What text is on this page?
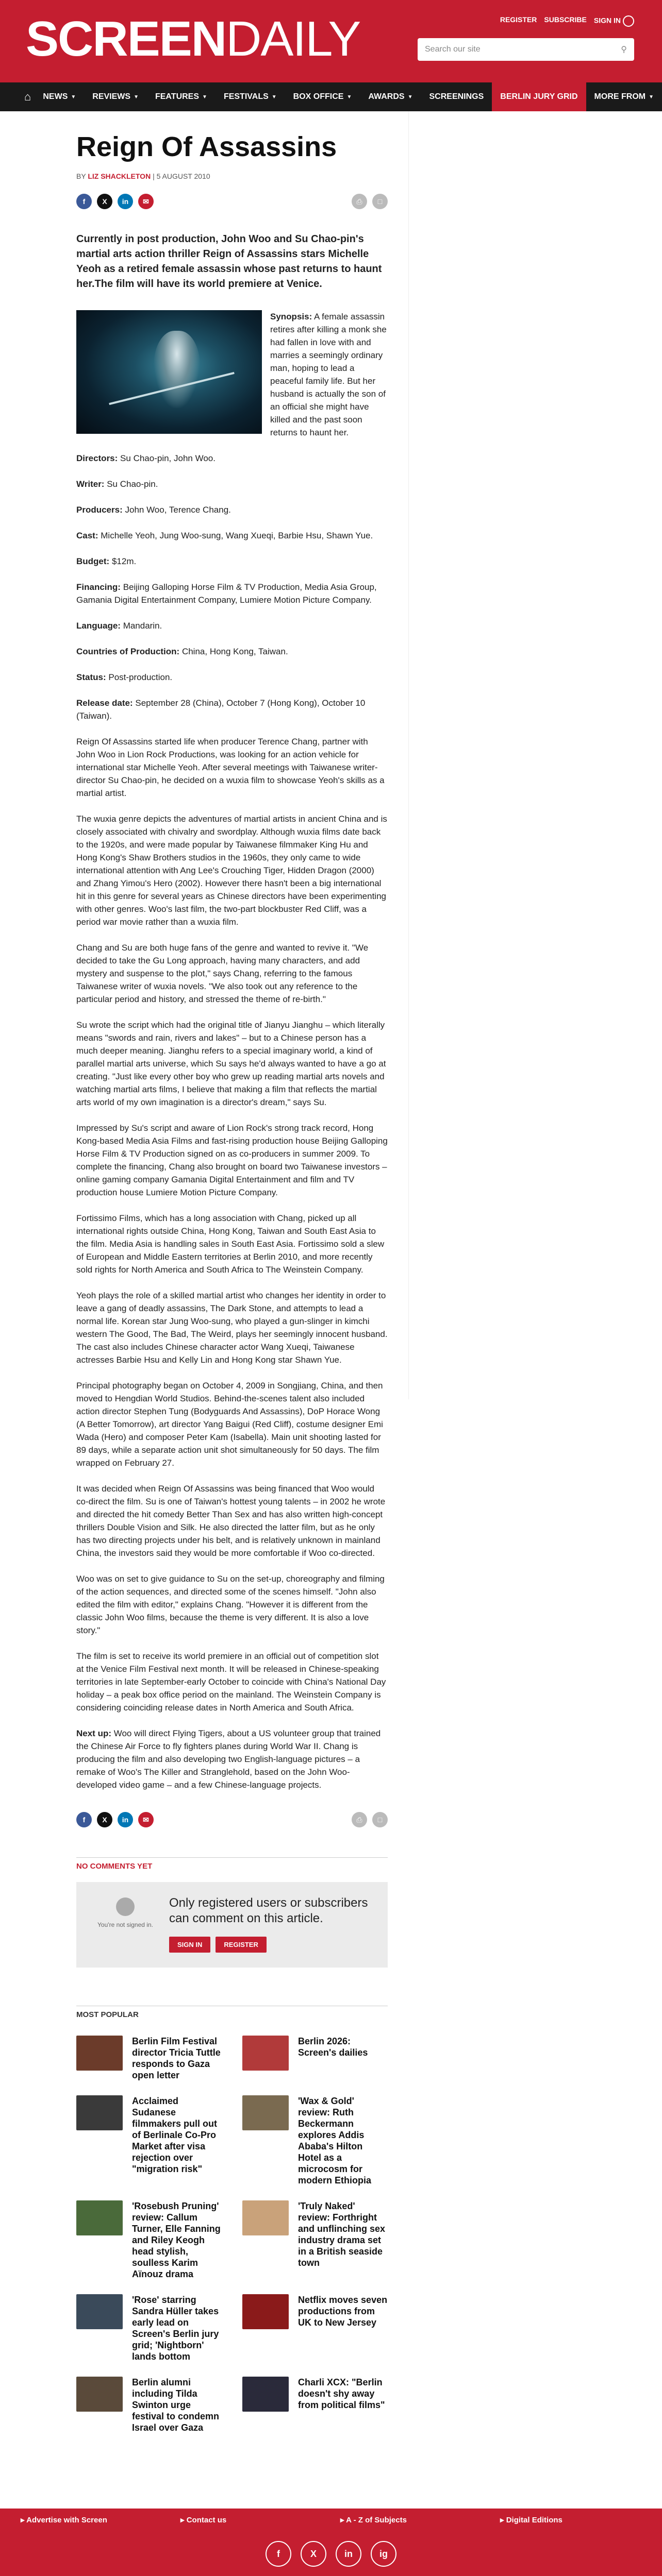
SCREENDAILY	REGISTER SUBSCRIBE SIGN IN
Search our site	⚲
⌂	NEWS ▼ REVIEWS ▼ FEATURES ▼ FESTIVALS ▼ BOX OFFICE ▼ AWARDS ▼ SCREENINGS	BERLIN JURY GRID	MORE FROM ▼
Reign Of Assassins
BY LIZ SHACKLETON | 5 AUGUST 2010
f	X	in	✉	⎙	□
Currently in post production, John Woo and Su Chao-pin's martial arts action thriller Reign of Assassins stars Michelle Yeoh as a retired female assassin whose past returns to haunt her.The film will have its world premiere at Venice.
Synopsis: A female assassin retires after killing a monk she had fallen in love with and marries a seemingly ordinary man, hoping to lead a peaceful family life. But her husband is actually the son of an official she might have killed and the past soon returns to haunt her.
Directors: Su Chao-pin, John Woo.
Writer: Su Chao-pin.
Producers: John Woo, Terence Chang.
Cast: Michelle Yeoh, Jung Woo-sung, Wang Xueqi, Barbie Hsu, Shawn Yue.
Budget: $12m.
Financing: Beijing Galloping Horse Film & TV Production, Media Asia Group, Gamania Digital Entertainment Company, Lumiere Motion Picture Company.
Language: Mandarin.
Countries of Production: China, Hong Kong, Taiwan.
Status: Post-production.
Release date: September 28 (China), October 7 (Hong Kong), October 10 (Taiwan).
Reign Of Assassins started life when producer Terence Chang, partner with John Woo in Lion Rock Productions, was looking for an action vehicle for international star Michelle Yeoh. After several meetings with Taiwanese writer-director Su Chao-pin, he decided on a wuxia film to showcase Yeoh's skills as a martial artist.
The wuxia genre depicts the adventures of martial artists in ancient China and is closely associated with chivalry and swordplay. Although wuxia films date back to the 1920s, and were made popular by Taiwanese filmmaker King Hu and Hong Kong's Shaw Brothers studios in the 1960s, they only came to wide international attention with Ang Lee's Crouching Tiger, Hidden Dragon (2000) and Zhang Yimou's Hero (2002). However there hasn't been a big international hit in this genre for several years as Chinese directors have been experimenting with other genres. Woo's last film, the two-part blockbuster Red Cliff, was a period war movie rather than a wuxia film.
Chang and Su are both huge fans of the genre and wanted to revive it. "We decided to take the Gu Long approach, having many characters, and add mystery and suspense to the plot," says Chang, referring to the famous Taiwanese writer of wuxia novels. "We also took out any reference to the particular period and history, and stressed the theme of re-birth."
Su wrote the script which had the original title of Jianyu Jianghu – which literally means "swords and rain, rivers and lakes" – but to a Chinese person has a much deeper meaning. Jianghu refers to a special imaginary world, a kind of parallel martial arts universe, which Su says he'd always wanted to have a go at creating. "Just like every other boy who grew up reading martial arts novels and watching martial arts films, I believe that making a film that reflects the martial arts world of my own imagination is a director's dream," says Su.
Impressed by Su's script and aware of Lion Rock's strong track record, Hong Kong-based Media Asia Films and fast-rising production house Beijing Galloping Horse Film & TV Production signed on as co-producers in summer 2009. To complete the financing, Chang also brought on board two Taiwanese investors – online gaming company Gamania Digital Entertainment and film and TV production house Lumiere Motion Picture Company.
Fortissimo Films, which has a long association with Chang, picked up all international rights outside China, Hong Kong, Taiwan and South East Asia to the film. Media Asia is handling sales in South East Asia. Fortissimo sold a slew of European and Middle Eastern territories at Berlin 2010, and more recently sold rights for North America and South Africa to The Weinstein Company.
Yeoh plays the role of a skilled martial artist who changes her identity in order to leave a gang of deadly assassins, The Dark Stone, and attempts to lead a normal life. Korean star Jung Woo-sung, who played a gun-slinger in kimchi western The Good, The Bad, The Weird, plays her seemingly innocent husband. The cast also includes Chinese character actor Wang Xueqi, Taiwanese actresses Barbie Hsu and Kelly Lin and Hong Kong star Shawn Yue.
Principal photography began on October 4, 2009 in Songjiang, China, and then moved to Hengdian World Studios. Behind-the-scenes talent also included action director Stephen Tung (Bodyguards And Assassins), DoP Horace Wong (A Better Tomorrow), art director Yang Baigui (Red Cliff), costume designer Emi Wada (Hero) and composer Peter Kam (Isabella). Main unit shooting lasted for 89 days, while a separate action unit shot simultaneously for 50 days. The film wrapped on February 27.
It was decided when Reign Of Assassins was being financed that Woo would co-direct the film. Su is one of Taiwan's hottest young talents – in 2002 he wrote and directed the hit comedy Better Than Sex and has also written high-concept thrillers Double Vision and Silk. He also directed the latter film, but as he only has two directing projects under his belt, and is relatively unknown in mainland China, the investors said they would be more comfortable if Woo co-directed.
Woo was on set to give guidance to Su on the set-up, choreography and filming of the action sequences, and directed some of the scenes himself. "John also edited the film with editor," explains Chang. "However it is different from the classic John Woo films, because the theme is very different. It is also a love story."
The film is set to receive its world premiere in an official out of competition slot at the Venice Film Festival next month. It will be released in Chinese-speaking territories in late September-early October to coincide with China's National Day holiday – a peak box office period on the mainland. The Weinstein Company is considering coinciding release dates in North America and South Africa.
Next up: Woo will direct Flying Tigers, about a US volunteer group that trained the Chinese Air Force to fly fighters planes during World War II. Chang is producing the film and also developing two English-language pictures – a remake of Woo's The Killer and Stranglehold, based on the John Woo-developed video game – and a few Chinese-language projects.
f	X	in	✉	⎙	□
NO COMMENTS YET
You're not signed in.
Only registered users or subscribers can comment on this article.
SIGN IN	REGISTER
MOST POPULAR
Berlin Film Festival director Tricia Tuttle responds to Gaza open letter
Berlin 2026: Screen's dailies
Acclaimed Sudanese filmmakers pull out of Berlinale Co-Pro Market after visa rejection over "migration risk"
'Wax & Gold' review: Ruth Beckermann explores Addis Ababa's Hilton Hotel as a microcosm for modern Ethiopia
'Rosebush Pruning' review: Callum Turner, Elle Fanning and Riley Keogh head stylish, soulless Karim Aïnouz drama
'Truly Naked' review: Forthright and unflinching sex industry drama set in a British seaside town
'Rose' starring Sandra Hüller takes early lead on Screen's Berlin jury grid; 'Nightborn' lands bottom
Netflix moves seven productions from UK to New Jersey
Berlin alumni including Tilda Swinton urge festival to condemn Israel over Gaza
Charli XCX: "Berlin doesn't shy away from political films"
▸ Advertise with Screen	▸ Contact us	▸ A - Z of Subjects	▸ Digital Editions
f	X	in	ig
